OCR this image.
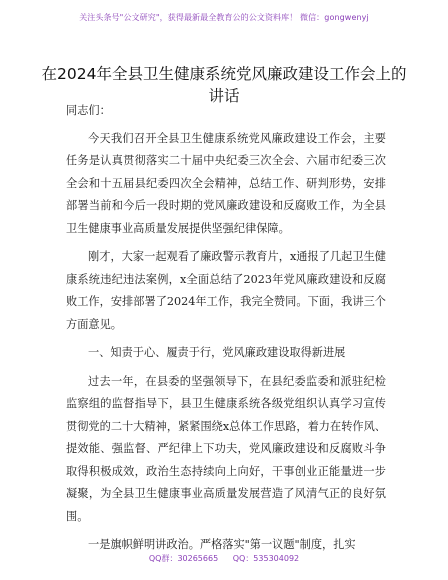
关注头条号"公文研究"，获得最新最全教育公的公文资料库！ 微信：gongwenyj
在2024年全县卫生健康系统党风廉政建设工作会上的讲话

同志们：

今天我们召开全县卫生健康系统党风廉政建设工作会，主要任务是认真贯彻落实二十届中央纪委三次全会、六届市纪委三次全会和十五届县纪委四次全会精神，总结工作、研判形势，安排部署当前和今后一段时期的党风廉政建设和反腐败工作，为全县卫生健康事业高质量发展提供坚强纪律保障。

刚才，大家一起观看了廉政警示教育片，x通报了几起卫生健康系统违纪违法案例，x全面总结了2023年党风廉政建设和反腐败工作，安排部署了2024年工作，我完全赞同。下面，我讲三个方面意见。

一、知责于心、履责于行，党风廉政建设取得新进展

过去一年，在县委的坚强领导下，在县纪委监委和派驻纪检监察组的监督指导下，县卫生健康系统各级党组织认真学习宣传贯彻党的二十大精神，紧紧围绕x总体工作思路，着力在转作风、提效能、强监督、严纪律上下功夫，党风廉政建设和反腐败斗争取得积极成效，政治生态持续向上向好，干事创业正能量进一步凝聚，为全县卫生健康事业高质量发展营造了风清气正的良好氛围。

一是旗帜鲜明讲政治。严格落实"第一议题"制度，扎实

QQ群：30265665 QQ：535304092
